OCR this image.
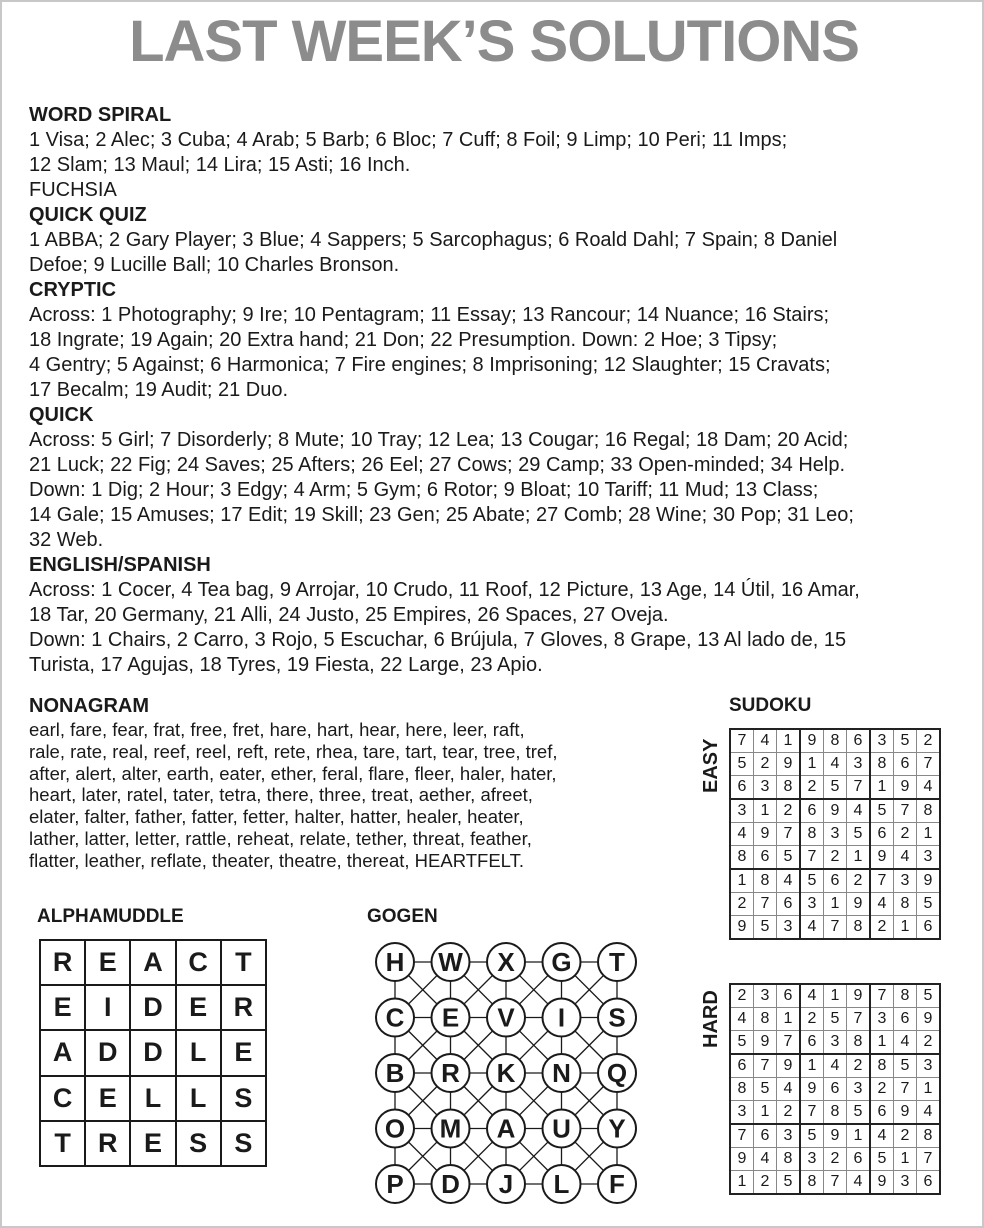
LAST WEEK’S SOLUTIONS
WORD SPIRAL
1 Visa; 2 Alec; 3 Cuba; 4 Arab; 5 Barb; 6 Bloc; 7 Cuff; 8 Foil; 9 Limp; 10 Peri; 11 Imps;
12 Slam; 13 Maul; 14 Lira; 15 Asti; 16 Inch.
FUCHSIA
QUICK QUIZ
1 ABBA; 2 Gary Player; 3 Blue; 4 Sappers; 5 Sarcophagus; 6 Roald Dahl; 7 Spain; 8 Daniel
Defoe; 9 Lucille Ball; 10 Charles Bronson.
CRYPTIC
Across: 1 Photography; 9 Ire; 10 Pentagram; 11 Essay; 13 Rancour; 14 Nuance; 16 Stairs;
18 Ingrate; 19 Again; 20 Extra hand; 21 Don; 22 Presumption. Down: 2 Hoe; 3 Tipsy;
4 Gentry; 5 Against; 6 Harmonica; 7 Fire engines; 8 Imprisoning; 12 Slaughter; 15 Cravats;
17 Becalm; 19 Audit; 21 Duo.
QUICK
Across: 5 Girl; 7 Disorderly; 8 Mute; 10 Tray; 12 Lea; 13 Cougar; 16 Regal; 18 Dam; 20 Acid;
21 Luck; 22 Fig; 24 Saves; 25 Afters; 26 Eel; 27 Cows; 29 Camp; 33 Open-minded; 34 Help.
Down: 1 Dig; 2 Hour; 3 Edgy; 4 Arm; 5 Gym; 6 Rotor; 9 Bloat; 10 Tariff; 11 Mud; 13 Class;
14 Gale; 15 Amuses; 17 Edit; 19 Skill; 23 Gen; 25 Abate; 27 Comb; 28 Wine; 30 Pop; 31 Leo;
32 Web.
ENGLISH/SPANISH
Across: 1 Cocer, 4 Tea bag, 9 Arrojar, 10 Crudo, 11 Roof, 12 Picture, 13 Age, 14 Útil, 16 Amar,
18 Tar, 20 Germany, 21 Alli, 24 Justo, 25 Empires, 26 Spaces, 27 Oveja.
Down: 1 Chairs, 2 Carro, 3 Rojo, 5 Escuchar, 6 Brújula, 7 Gloves, 8 Grape, 13 Al lado de, 15
Turista, 17 Agujas, 18 Tyres, 19 Fiesta, 22 Large, 23 Apio.
NONAGRAM
earl, fare, fear, frat, free, fret, hare, hart, hear, here, leer, raft,
rale, rate, real, reef, reel, reft, rete, rhea, tare, tart, tear, tree, tref,
after, alert, alter, earth, eater, ether, feral, flare, fleer, haler, hater,
heart, later, ratel, tater, tetra, there, three, treat, aether, afreet,
elater, falter, father, fatter, fetter, halter, hatter, healer, heater,
lather, latter, letter, rattle, reheat, relate, tether, threat, feather,
flatter, leather, reflate, theater, theatre, thereat, HEARTFELT.
ALPHAMUDDLE
R	E	A	C	T
E	I	D	E	R
A	D	D	L	E
C	E	L	L	S
T	R	E	S	S
GOGEN
H W X G T
C E V I S
B R K N Q
O M A U Y
P D J L F
SUDOKU
EASY 7	4	1	9	8	6	3	5	2
5	2	9	1	4	3	8	6	7
6	3	8	2	5	7	1	9	4
3	1	2	6	9	4	5	7	8
4	9	7	8	3	5	6	2	1
8	6	5	7	2	1	9	4	3
1	8	4	5	6	2	7	3	9
2	7	6	3	1	9	4	8	5
9	5	3	4	7	8	2	1	6
HARD 2	3	6	4	1	9	7	8	5
4	8	1	2	5	7	3	6	9
5	9	7	6	3	8	1	4	2
6	7	9	1	4	2	8	5	3
8	5	4	9	6	3	2	7	1
3	1	2	7	8	5	6	9	4
7	6	3	5	9	1	4	2	8
9	4	8	3	2	6	5	1	7
1	2	5	8	7	4	9	3	6
